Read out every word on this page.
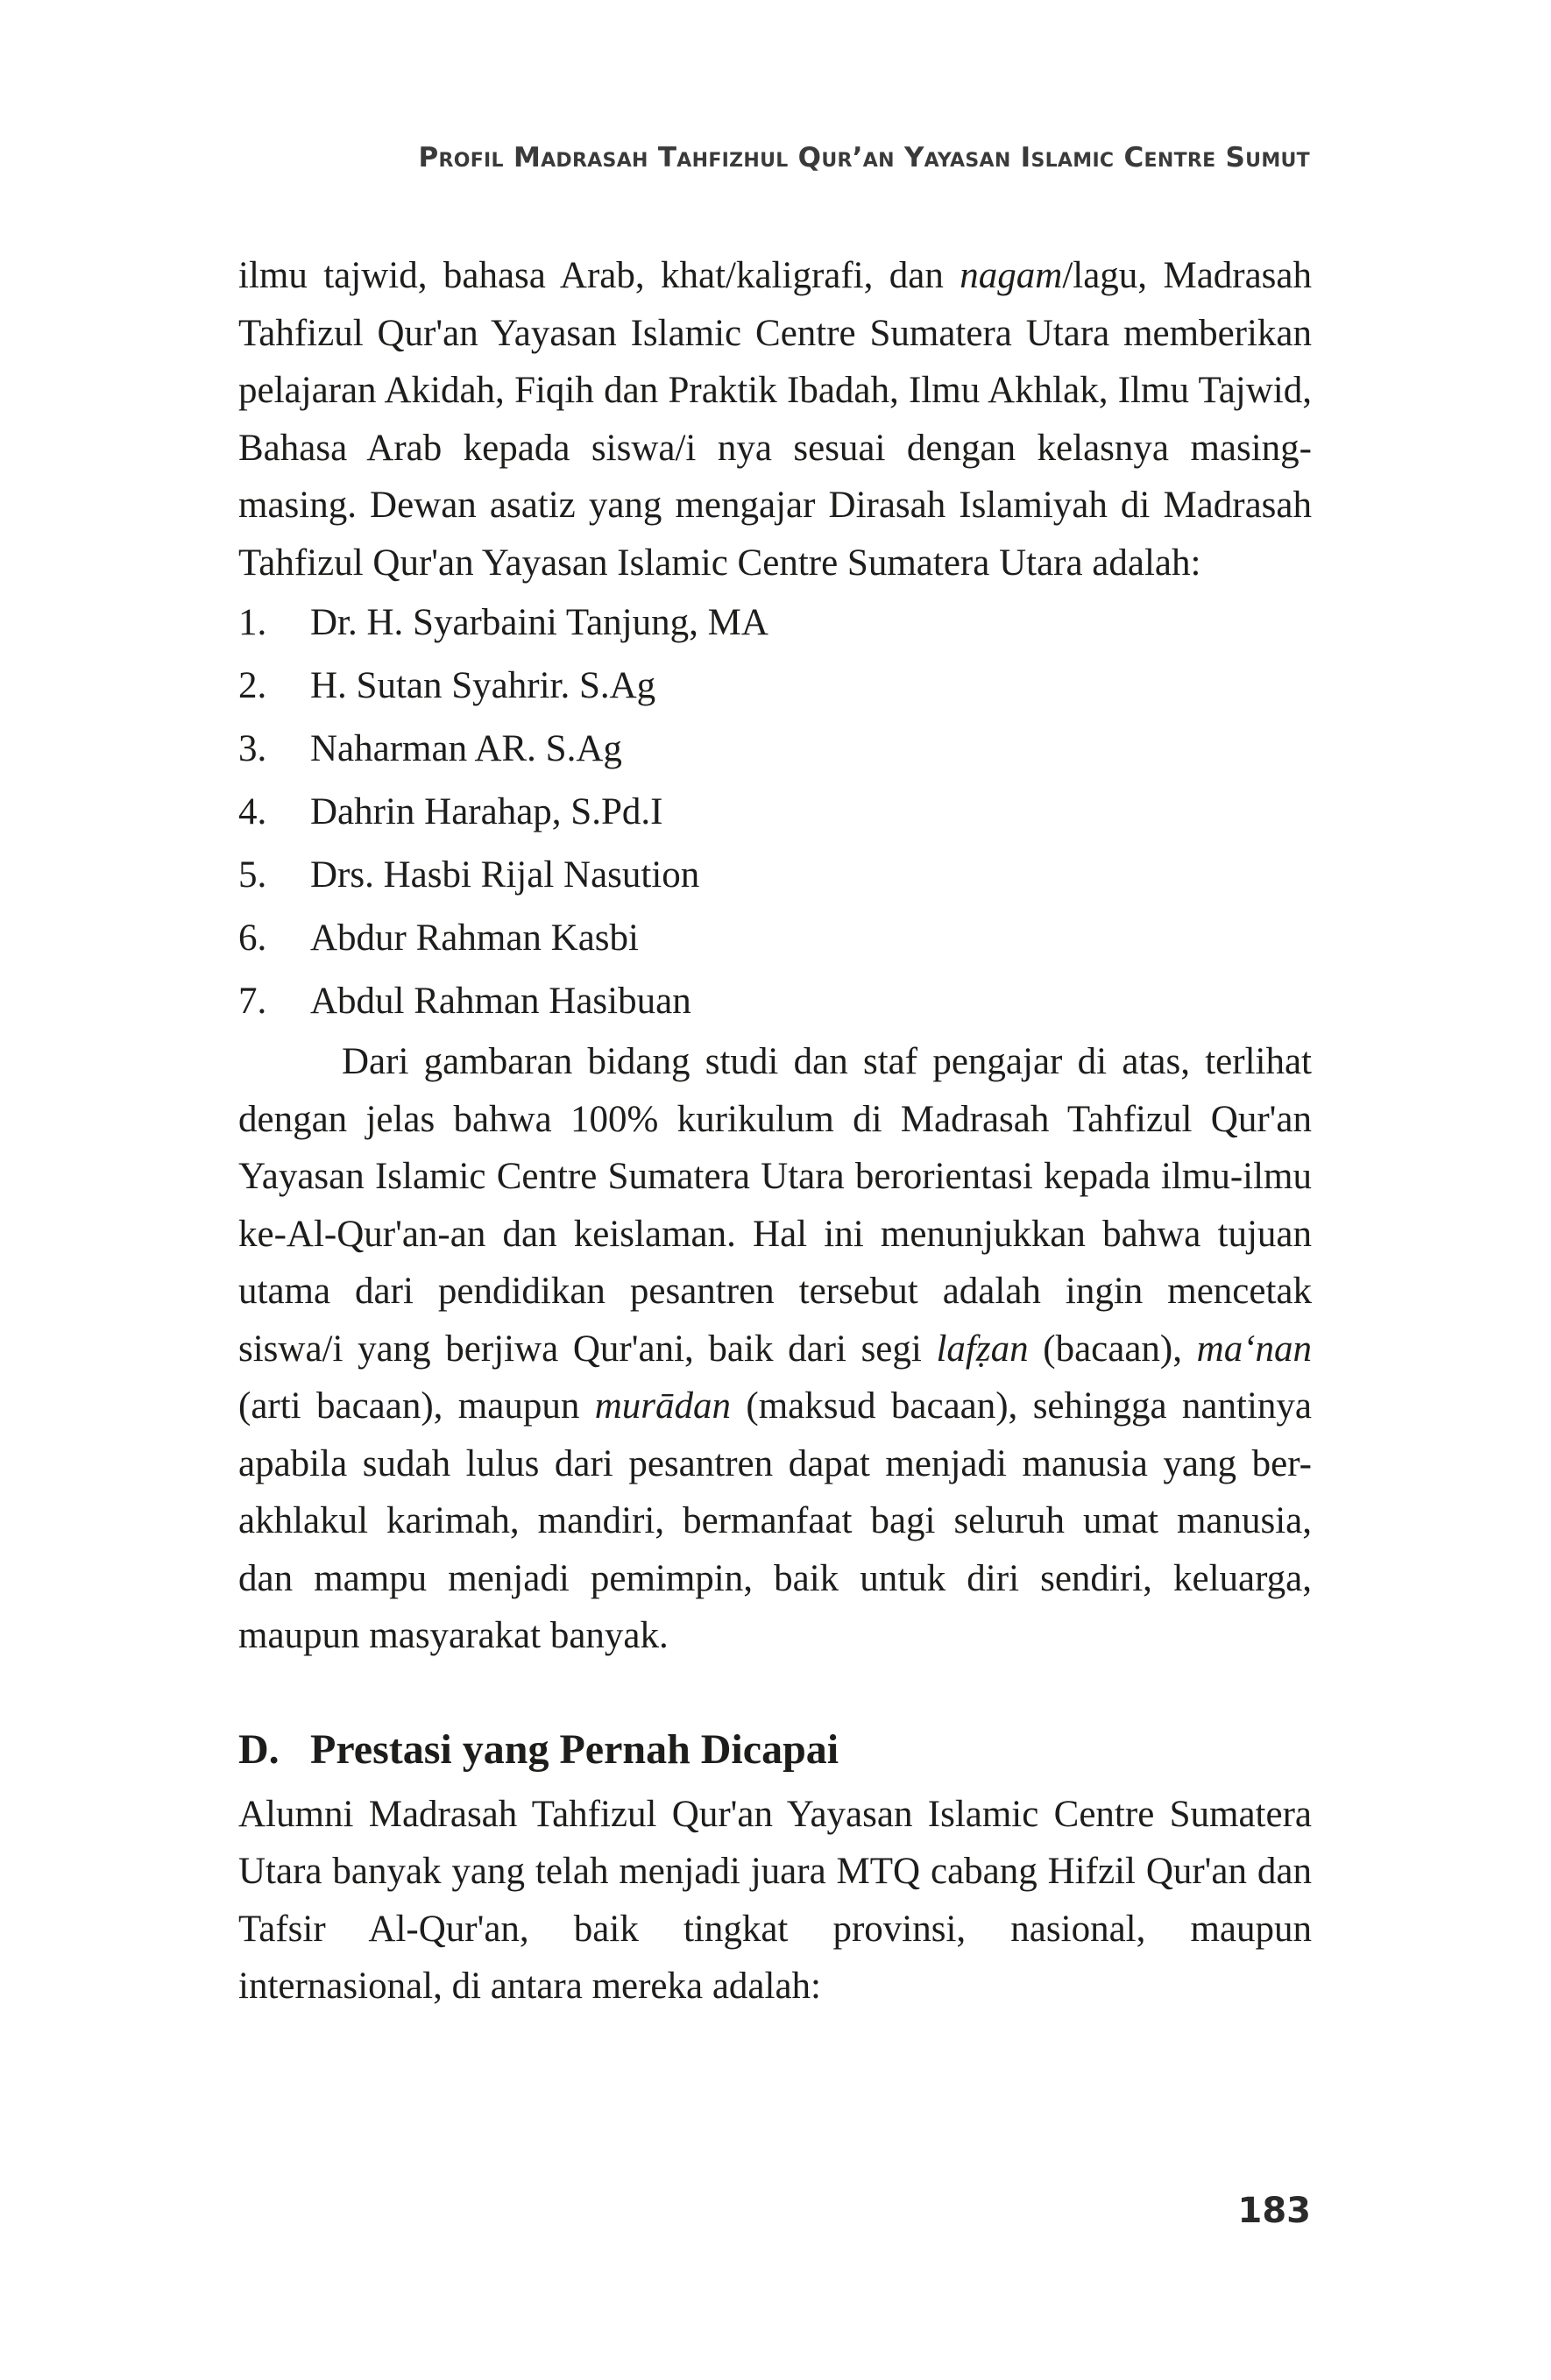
Profil Madrasah Tahfizhul Qur’an Yayasan Islamic Centre Sumut

ilmu tajwid, bahasa Arab, khat/kaligrafi, dan nagam/lagu, Madrasah Tahfizul Qur'an Yayasan Islamic Centre Sumatera Utara memberikan pelajaran Akidah, Fiqih dan Praktik Ibadah, Ilmu Akhlak, Ilmu Tajwid, Bahasa Arab kepada siswa/i nya sesuai dengan kelasnya masing-masing. Dewan asatiz yang mengajar Dirasah Islamiyah di Madrasah Tahfizul Qur'an Yayasan Islamic Centre Sumatera Utara adalah:

1.	Dr. H. Syarbaini Tanjung, MA
2.	H. Sutan Syahrir. S.Ag
3.	Naharman AR. S.Ag
4.	Dahrin Harahap, S.Pd.I
5.	Drs. Hasbi Rijal Nasution
6.	Abdur Rahman Kasbi
7.	Abdul Rahman Hasibuan

Dari gambaran bidang studi dan staf pengajar di atas, terlihat dengan jelas bahwa 100% kurikulum di Madrasah Tahfizul Qur'an Yayasan Islamic Centre Sumatera Utara berorientasi kepada ilmu-ilmu ke-Al-Qur'an-an dan keislaman. Hal ini menunjukkan bahwa tujuan utama dari pendidikan pesantren tersebut adalah ingin mencetak siswa/i yang berjiwa Qur'ani, baik dari segi lafẓan (bacaan), ma‘nan (arti bacaan), maupun murādan (maksud bacaan), sehingga nantinya apabila sudah lulus dari pesantren dapat menjadi manusia yang ber-akhlakul karimah, mandiri, bermanfaat bagi seluruh umat manusia, dan mampu menjadi pemimpin, baik untuk diri sendiri, keluarga, maupun masyarakat banyak.

D. Prestasi yang Pernah Dicapai

Alumni Madrasah Tahfizul Qur'an Yayasan Islamic Centre Sumatera Utara banyak yang telah menjadi juara MTQ cabang Hifzil Qur'an dan Tafsir Al-Qur'an, baik tingkat provinsi, nasional, maupun internasional, di antara mereka adalah:

183
